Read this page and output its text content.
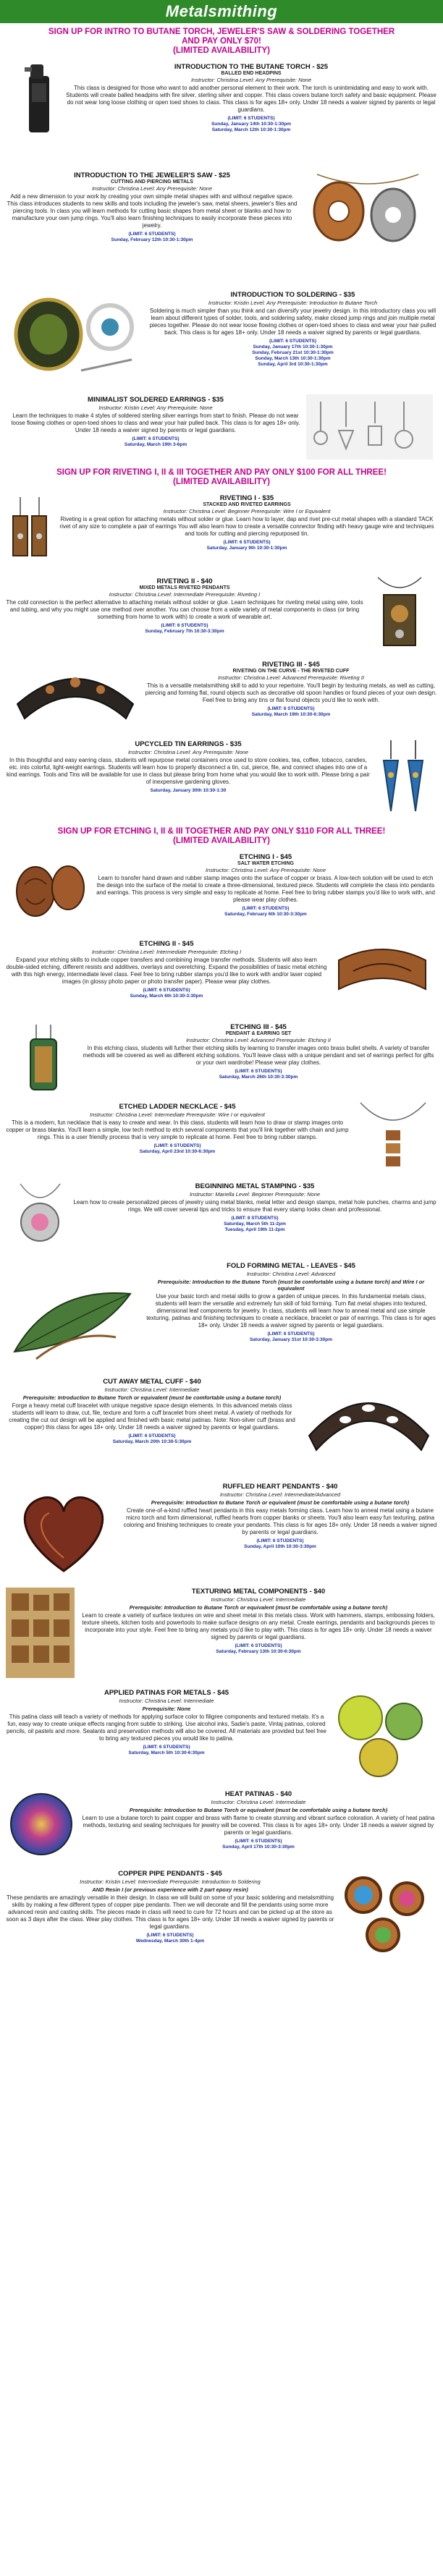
Metalsmithing
SIGN UP FOR INTRO TO BUTANE TORCH, JEWELER'S SAW & SOLDERING TOGETHER
AND PAY ONLY $70!
(LIMITED AVAILABILITY)
INTRODUCTION TO THE BUTANE TORCH - $25
BALLED END HEADPINS
Instructor: Christina Level: Any Prerequisite: None
This class is designed for those who want to add another personal element to their work. The torch is unintimidating and easy to work with. Students will create balled headpins with fire silver, sterling silver and copper. This class covers butane torch safety and basic equipment. Please do not wear long loose clothing or open toed shoes to class. This class is for ages 18+ only. Under 18 needs a waiver signed by parents or legal guardians.
(LIMIT: 6 STUDENTS)
Sunday, January 14th 10:30-1:30pm
Saturday, March 12th 10:30-1:30pm
INTRODUCTION TO THE JEWELER'S SAW - $25
CUTTING AND PIERCING METALS
Instructor: Christina Level: Any Prerequisite: None
Add a new dimension to your work by creating your own simple metal shapes with and without negative space. This class introduces students to new skills and tools including the jeweler's saw, metal sheers, jeweler's files and piercing tools. In class you will learn methods for cutting basic shapes from metal sheet or blanks and how to manufacture your own jump rings. You'll also learn finishing techniques to easily incorporate these pieces into jewelry.
(LIMIT: 6 STUDENTS)
Sunday, February 12th 10:30-1:30pm
INTRODUCTION TO SOLDERING - $35
Instructor: Kristin Level: Any Prerequisite: Introduction to Butane Torch
Soldering is much simpler than you think and can diversify your jewelry design. In this introductory class you will learn about different types of solder, tools, and soldering safety, make closed jump rings and join multiple metal pieces together. Please do not wear loose flowing clothes or open-toed shoes to class and wear your hair pulled back. This class is for ages 18+ only. Under 18 needs a waiver signed by parents or legal guardians.
(LIMIT: 6 STUDENTS)
Sunday, January 17th 10:30-1:30pm
Sunday, February 21st 10:30-1:30pm
Sunday, March 13th 10:30-1:30pm
Sunday, April 3rd 10:30-1:30pm
MINIMALIST SOLDERED EARRINGS - $35
Instructor: Kristin Level: Any Prerequisite: None
Learn the techniques to make 4 styles of soldered sterling silver earrings from start to finish. Please do not wear loose flowing clothes or open-toed shoes to class and wear your hair pulled back. This class is for ages 18+ only. Under 18 needs a waiver signed by parents or legal guardians.
(LIMIT: 6 STUDENTS)
Saturday, March 19th 3-6pm
SIGN UP FOR RIVETING I, II & III TOGETHER AND PAY ONLY $100 FOR ALL THREE!
(LIMITED AVAILABILITY)
RIVETING I - $35
STACKED AND RIVETED EARRINGS
Instructor: Christina Level: Beginner Prerequisite: Wire I or Equivalent
Riveting is a great option for attaching metals without solder or glue. Learn how to layer, dap and rivet pre-cut metal shapes with a standard TACK rivet of any size to complete a pair of earrings You will also learn how to create a versatile connector finding with heavy gauge wire and techniques and tools for cutting and piercing repurposed tin.
(LIMIT: 6 STUDENTS)
Saturday, January 9th 10:30-1:30pm
RIVETING II - $40
MIXED METALS RIVETED PENDANTS
Instructor: Christina Level: Intermediate Prerequisite: Riveting I
The cold connection is the perfect alternative to attaching metals without solder or glue. Learn techniques for riveting metal using wire, tools and tubing, and why you might use one method over another. You can choose from a wide variety of metal components in class (or bring something from home to work with) to create a work of wearable art.
(LIMIT: 6 STUDENTS)
Sunday, February 7th 10:30-3:30pm
RIVETING III - $45
RIVETING ON THE CURVE - THE RIVETED CUFF
Instructor: Christina Level: Advanced Prerequisite: Riveting II
This is a versatile metalsmithing skill to add to your repertoire. You'll begin by texturing metals, as well as cutting, piercing and forming flat, round objects such as decorative old spoon handles or found pieces of your own design. Feel free to bring any tins or flat found objects you'd like to work with.
(LIMIT: 6 STUDENTS)
Saturday, March 19th 10:30-6:30pm
UPCYCLED TIN EARRINGS - $35
Instructor: Christina Level: Any Prerequisite: None
In this thoughtful and easy earring class, students will repurpose metal containers once used to store cookies, tea, coffee, tobacco, candies, etc. into colorful, light-weight earrings. Students will learn how to properly disconnect a tin, cut, pierce, file, and connect shapes into one of a kind earrings. Tools and Tins will be available for use in class but please bring from home what you would like to work with. Please bring a pair of inexpensive gardening gloves.
Saturday, January 30th 10:30-1:30
SIGN UP FOR ETCHING I, II & III TOGETHER AND PAY ONLY $110 FOR ALL THREE!
(LIMITED AVAILABILITY)
ETCHING I - $45
SALT WATER ETCHING
Instructor: Christina Level: Any Prerequisite: None
Learn to transfer hand drawn and rubber stamp images onto the surface of copper or brass. A low-tech solution will be used to etch the design into the surface of the metal to create a three-dimensional, textured piece. Students will complete the class into pendants and earrings. This process is very simple and easy to replicate at home. Feel free to bring rubber stamps you'd like to work with, and please wear play clothes.
(LIMIT: 6 STUDENTS)
Saturday, February 6th 10:30-3:30pm
ETCHING II - $45
Instructor: Christina Level: Intermediate Prerequisite: Etching I
Expand your etching skills to include copper transfers and combining image transfer methods. Students will also learn double-sided etching, different resists and additives, overlays and overetching. Expand the possibilities of basic metal etching with this high energy, intermediate level class. Feel free to bring rubber stamps you'd like to work with and/or laser copied images (in glossy photo paper or photo transfer paper). Please wear play clothes.
(LIMIT: 6 STUDENTS)
Sunday, March 6th 10:30-3:30pm
ETCHING III - $45
PENDANT & EARRING SET
Instructor: Christina Level: Advanced Prerequisite: Etching II
In this etching class, students will further their etching skills by learning to transfer images onto brass bullet shells. A variety of transfer methods will be covered as well as different etching solutions. You'll leave class with a unique pendant and set of earrings perfect for gifts or your own wardrobe! Please wear play clothes.
(LIMIT: 6 STUDENTS)
Saturday, March 26th 10:30-3:30pm
ETCHED LADDER NECKLACE - $45
Instructor: Christina Level: Intermediate Prerequisite: Wire I or equivalent
This is a modern, fun necklace that is easy to create and wear. In this class, students will learn how to draw or stamp images onto copper or brass blanks. You'll learn a simple, low tech method to etch several components that you'll link together with chain and jump rings. This is a user friendly process that is very simple to replicate at home. Feel free to bring rubber stamps.
(LIMIT: 6 STUDENTS)
Saturday, April 23rd 10:30-6:30pm
BEGINNING METAL STAMPING - $35
Instructor: Mariella Level: Beginner Prerequisite: None
Learn how to create personalized pieces of jewelry using metal blanks, metal letter and design stamps, metal hole punches, charms and jump rings. We will cover several tips and tricks to ensure that every stamp looks clean and professional.
(LIMIT: 8 STUDENTS)
Saturday, March 5th 11-2pm
Tuesday, April 19th 11-2pm
FOLD FORMING METAL - LEAVES - $45
Instructor: Christina Level: Advanced
Prerequisite: Introduction to the Butane Torch (must be comfortable using a butane torch) and Wire I or equivalent
Use your basic torch and metal skills to grow a garden of unique pieces. In this fundamental metals class, students will learn the versatile and extremely fun skill of fold forming. Turn flat metal shapes into textured, dimensional leaf components for jewelry. In class, students will learn how to anneal metal and use simple texturing, patinas and finishing techniques to create a necklace, bracelet or pair of earrings. This class is for ages 18+ only. Under 18 needs a waiver signed by parents or legal guardians.
(LIMIT: 6 STUDENTS)
Saturday, January 31st 10:30-3:30pm
CUT AWAY METAL CUFF - $40
Instructor: Christina Level: Intermediate
Prerequisite: Introduction to Butane Torch or equivalent (must be comfortable using a butane torch)
Forge a heavy metal cuff bracelet with unique negative space design elements. In this advanced metals class students will learn to draw, cut, file, texture and form a cuff bracelet from sheet metal. A variety of methods for creating the cut out design will be applied and finished with basic metal patinas. Note: Non-silver cuff (brass and copper) this class for ages 18+ only. Under 18 needs a waiver signed by parents or legal guardians.
(LIMIT: 6 STUDENTS)
Saturday, March 20th 10:30-5:30pm
RUFFLED HEART PENDANTS - $40
Instructor: Christina Level: Intermediate/Advanced
Prerequisite: Introduction to Butane Torch or equivalent (must be comfortable using a butane torch)
Create one-of-a-kind ruffled heart pendants in this easy metals forming class. Learn how to anneal metal using a butane micro torch and form dimensional, ruffled hearts from copper blanks or sheets. You'll also learn easy fun texturing, patina coloring and finishing techniques to create your pendants. This class is for ages 18+ only. Under 18 needs a waiver signed by parents or legal guardians.
(LIMIT: 6 STUDENTS)
Sunday, April 10th 10:30-3:30pm
TEXTURING METAL COMPONENTS - $40
Instructor: Christina Level: Intermediate
Prerequisite: Introduction to Butane Torch or equivalent (must be comfortable using a butane torch)
Learn to create a variety of surface textures on wire and sheet metal in this metals class. Work with hammers, stamps, embossing folders, texture sheets, kitchen tools and powertools to make surface designs on any metal. Create earrings, pendants and backgrounds pieces to incorporate into your style. Feel free to bring any metals you'd like to play with. This class is for ages 18+ only. Under 18 needs a waiver signed by parents or legal guardians.
(LIMIT: 6 STUDENTS)
Saturday, February 13th 10:30-6:30pm
APPLIED PATINAS FOR METALS - $45
Instructor: Christina Level: Intermediate
Prerequisite: None
This patina class will teach a variety of methods for applying surface color to filigree components and textured metals. It's a fun, easy way to create unique effects ranging from subtle to striking. Use alcohol inks, Sadie's paste, Vintaj patinas, colored pencils, oil pastels and more. Sealants and preservation methods will also be covered. All materials are provided but feel free to bring any textured pieces you would like to patina.
(LIMIT: 6 STUDENTS)
Saturday, March 5th 10:30-6:30pm
HEAT PATINAS - $40
Instructor: Christina Level: Intermediate
Prerequisite: Introduction to Butane Torch or equivalent (must be comfortable using a butane torch)
Learn to use a butane torch to paint copper and brass with flame to create stunning and vibrant surface coloration. A variety of heat patina methods, texturing and sealing techniques for jewelry will be covered. This class is for ages 18+ only. Under 18 needs a waiver signed by parents or legal guardians.
(LIMIT: 6 STUDENTS)
Sunday, April 17th 10:30-3:30pm
COPPER PIPE PENDANTS - $45
Instructor: Kristin Level: Intermediate Prerequisite: Introduction to Soldering
AND Resin I (or previous experience with 2 part epoxy resin)
These pendants are amazingly versatile in their design. In class we will build on some of your basic soldering and metalsmithing skills by making a few different types of copper pipe pendants. Then we will decorate and fill the pendants using some more advanced resin and casting skills. The pieces made in class will need to cure for 72 hours and can be picked up at the store as soon as 3 days after the class. Wear play clothes. This class is for ages 18+ only. Under 18 needs a waiver signed by parents or legal guardians.
(LIMIT: 6 STUDENTS)
Wednesday, March 30th 1-4pm
